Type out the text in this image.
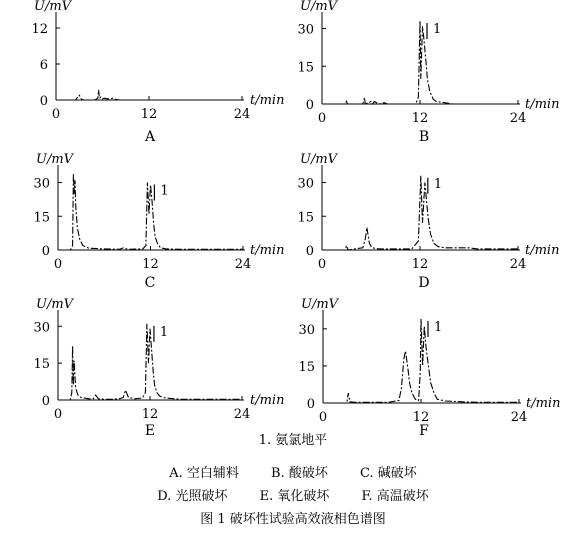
0
6
12
0	12	24
U/mV
t/min
A
0
15
30
0	12	24
U/mV
t/min
B
1
0
15
30
0	12	24
U/mV
t/min
C
1
0
15
30
0	12	24
U/mV
t/min
D
1
0
15
30
0	12	24
U/mV
t/min
E
1
0
15
30
0	12	24
U/mV
t/min
F
1
1. 氨氯地平
A. 空白辅料 B. 酸破坏 C. 碱破坏
D. 光照破坏 E. 氧化破坏 F. 高温破坏
图 1 破坏性试验高效液相色谱图
